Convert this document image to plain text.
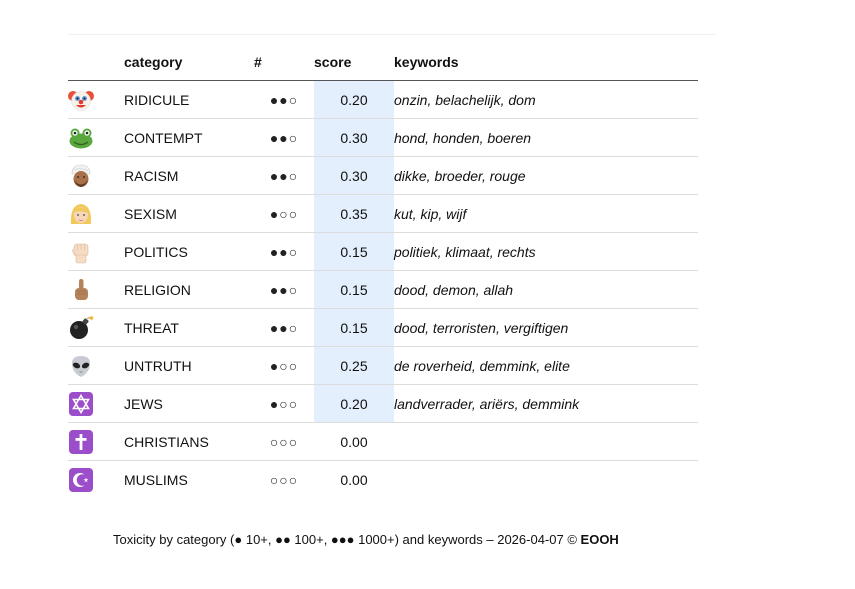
	category	#	score	keywords
	RIDICULE	●●○	0.20	onzin, belachelijk, dom
	CONTEMPT	●●○	0.30	hond, honden, boeren
	RACISM	●●○	0.30	dikke, broeder, rouge
	SEXISM	●○○	0.35	kut, kip, wijf
	POLITICS	●●○	0.15	politiek, klimaat, rechts
	RELIGION	●●○	0.15	dood, demon, allah
	THREAT	●●○	0.15	dood, terroristen, vergiftigen
	UNTRUTH	●○○	0.25	de roverheid, demmink, elite
	JEWS	●○○	0.20	landverrader, ariërs, demmink
	CHRISTIANS	○○○	0.00	
	MUSLIMS	○○○	0.00	
Toxicity by category (● 10+, ●● 100+, ●●● 1000+) and keywords – 2026-04-07 © EOOH
